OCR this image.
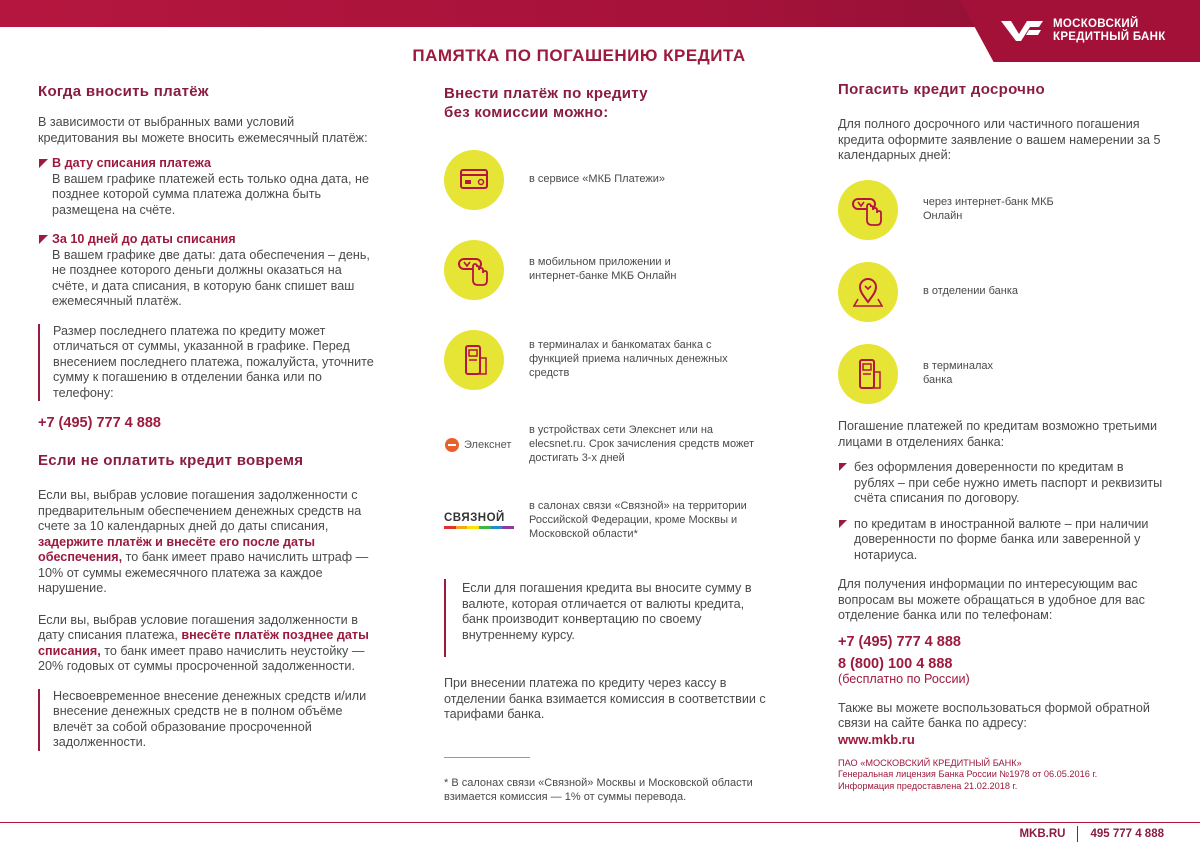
МОСКОВСКИЙ
КРЕДИТНЫЙ БАНК
ПАМЯТКА ПО ПОГАШЕНИЮ КРЕДИТА
Когда вносить платёж

В зависимости от выбранных вами условий кредитования вы можете вносить ежемесячный платёж:

В дату списания платежа

В вашем графике платежей есть только одна дата, не позднее которой сумма платежа должна быть размещена на счёте.

За 10 дней до даты списания

В вашем графике две даты: дата обеспечения – день, не позднее которого деньги должны оказаться на счёте, и дата списания, в которую банк спишет ваш ежемесячный платёж.

Размер последнего платежа по кредиту может отличаться от суммы, указанной в графике. Перед внесением последнего платежа, пожалуйста, уточните сумму к погашению в отделении банка или по телефону:

+7 (495) 777 4 888
Если не оплатить кредит вовремя

Если вы, выбрав условие погашения задолженности с предварительным обеспечением денежных средств на счете за 10 календарных дней до даты списания, задержите платёж и внесёте его после даты обеспечения, то банк имеет право начислить штраф —10% от суммы ежемесячного платежа за каждое нарушение.

Если вы, выбрав условие погашения задолженности в дату списания платежа, внесёте платёж позднее даты списания, то банк имеет право начислить неустойку — 20% годовых от суммы просроченной задолженности.

Несвоевременное внесение денежных средств и/или внесение денежных средств не в полном объёме влечёт за собой образование просроченной задолженности.

Внести платёж по кредиту
без комиссии можно:
в сервисе «МКБ Платежи»
в мобильном приложении и интернет-банке МКБ Онлайн
в терминалах и банкоматах банка с функцией приема наличных денежных средств
Элекснет
в устройствах сети Элекснет или на elecsnet.ru. Срок зачисления средств может достигать 3-х дней
СВЯЗНОЙ
в салонах связи «Связной» на территории Российской Федерации, кроме Москвы и Московской области*

Если для погашения кредита вы вносите сумму в валюте, которая отличается от валюты кредита, банк производит конвертацию по своему внутреннему курсу.

При внесении платежа по кредиту через кассу в отделении банка взимается комиссия в соответствии с тарифами банка.

* В салонах связи «Связной» Москвы и Московской области взимается комиссия — 1% от суммы перевода.

Погасить кредит досрочно

Для полного досрочного или частичного погашения кредита оформите заявление о вашем намерении за 5 календарных дней:

через интернет-банк МКБ Онлайн
в отделении банка
в терминалах банка

Погашение платежей по кредитам возможно третьими лицами в отделениях банка:

без оформления доверенности по кредитам в рублях – при себе нужно иметь паспорт и реквизиты счёта списания по договору.

по кредитам в иностранной валюте – при наличии доверенности по форме банка или заверенной у нотариуса.

Для получения информации по интересующим вас вопросам вы можете обращаться в удобное для вас отделение банка или по телефонам:

+7 (495) 777 4 888
8 (800) 100 4 888
(бесплатно по России)

Также вы можете воспользоваться формой обратной связи на сайте банка по адресу:

www.mkb.ru
ПАО «МОСКОВСКИЙ КРЕДИТНЫЙ БАНК»
Генеральная лицензия Банка России №1978 от 06.05.2016 г.
Информация предоставлена 21.02.2018 г.
MKB.RU 495 777 4 888
